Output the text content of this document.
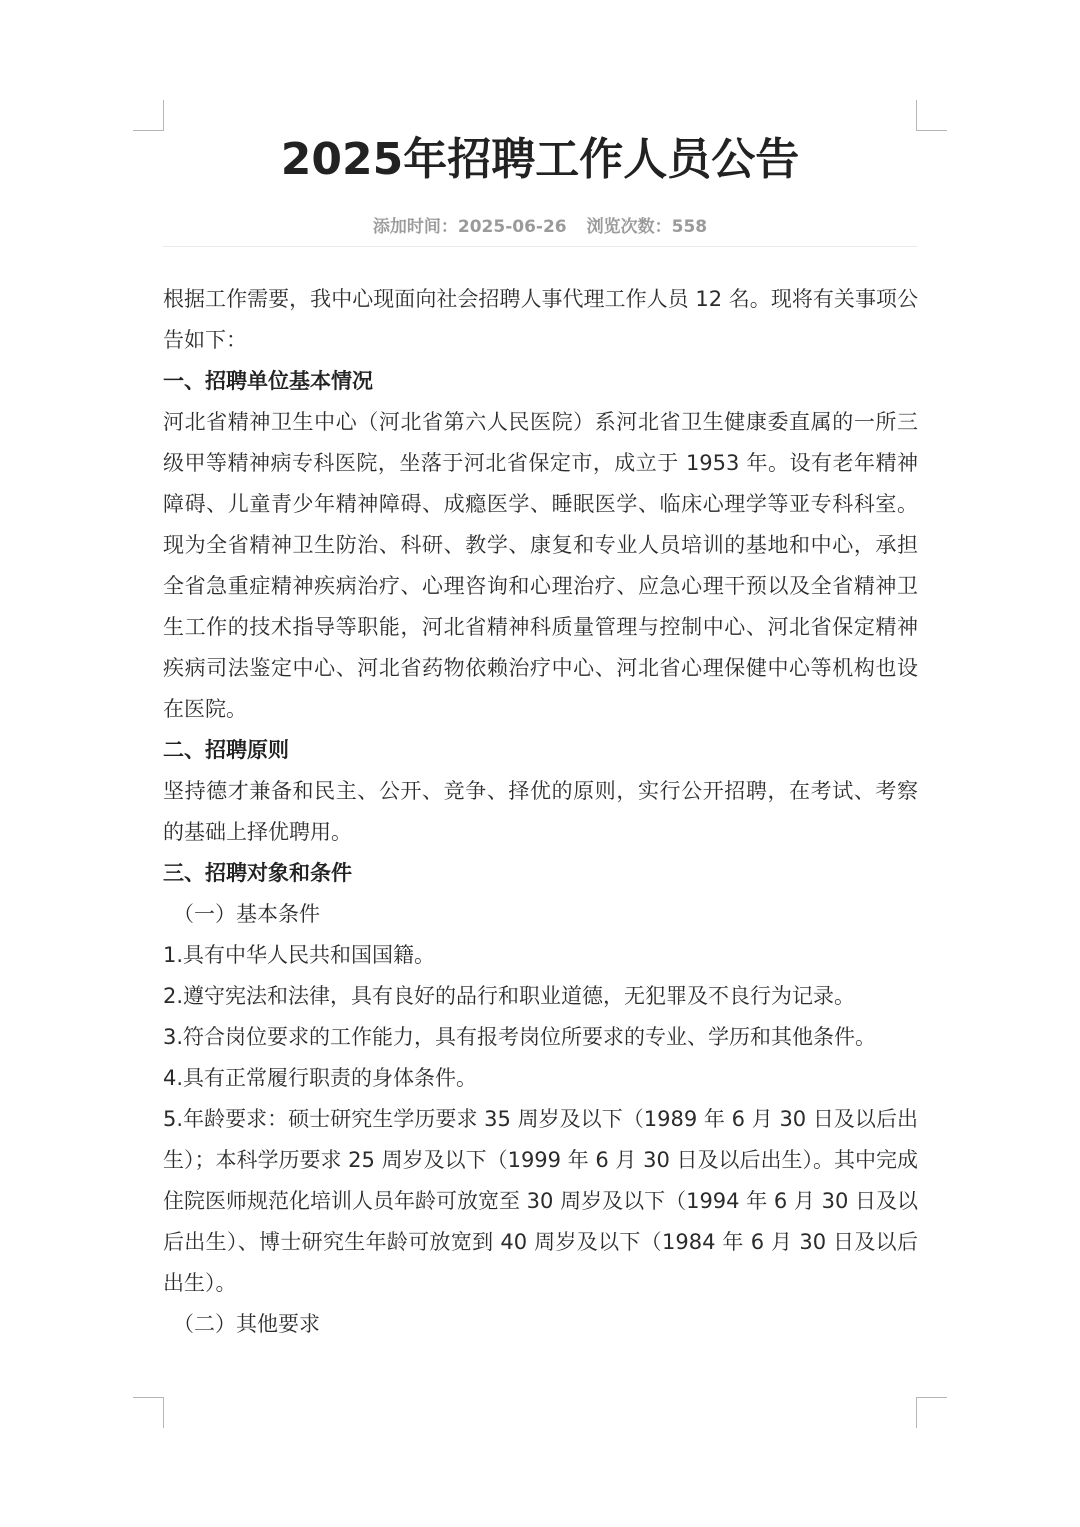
2025年招聘工作人员公告
添加时间：2025-06-26 浏览次数：558

根据工作需要，我中心现面向社会招聘人事代理工作人员 12 名。现将有关事项公告如下：

一、招聘单位基本情况

河北省精神卫生中心（河北省第六人民医院）系河北省卫生健康委直属的一所三级甲等精神病专科医院，坐落于河北省保定市，成立于 1953 年。设有老年精神障碍、儿童青少年精神障碍、成瘾医学、睡眠医学、临床心理学等亚专科科室。现为全省精神卫生防治、科研、教学、康复和专业人员培训的基地和中心，承担全省急重症精神疾病治疗、心理咨询和心理治疗、应急心理干预以及全省精神卫生工作的技术指导等职能，河北省精神科质量管理与控制中心、河北省保定精神疾病司法鉴定中心、河北省药物依赖治疗中心、河北省心理保健中心等机构也设在医院。

二、招聘原则

坚持德才兼备和民主、公开、竞争、择优的原则，实行公开招聘，在考试、考察的基础上择优聘用。

三、招聘对象和条件

（一）基本条件

1.具有中华人民共和国国籍。

2.遵守宪法和法律，具有良好的品行和职业道德，无犯罪及不良行为记录。

3.符合岗位要求的工作能力，具有报考岗位所要求的专业、学历和其他条件。

4.具有正常履行职责的身体条件。

5.年龄要求：硕士研究生学历要求 35 周岁及以下（1989 年 6 月 30 日及以后出生）；本科学历要求 25 周岁及以下（1999 年 6 月 30 日及以后出生）。其中完成住院医师规范化培训人员年龄可放宽至 30 周岁及以下（1994 年 6 月 30 日及以后出生）、博士研究生年龄可放宽到 40 周岁及以下（1984 年 6 月 30 日及以后出生）。

（二）其他要求
